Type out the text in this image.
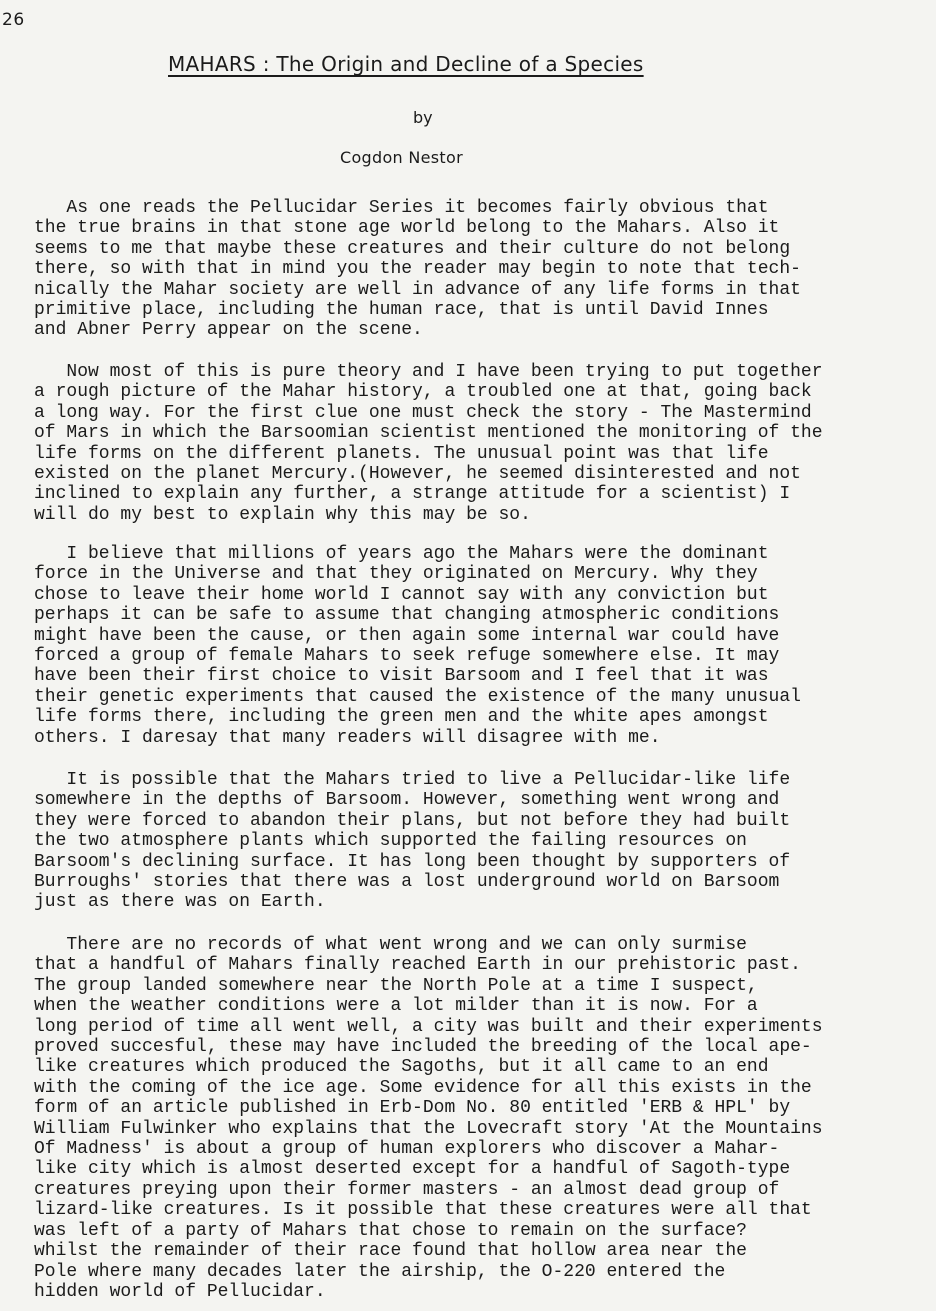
26
MAHARS : The Origin and Decline of a Species
by
Cogdon Nestor
As one reads the Pellucidar Series it becomes fairly obvious that
the true brains in that stone age world belong to the Mahars. Also it
seems to me that maybe these creatures and their culture do not belong
there, so with that in mind you the reader may begin to note that tech-
nically the Mahar society are well in advance of any life forms in that
primitive place, including the human race, that is until David Innes
and Abner Perry appear on the scene.
Now most of this is pure theory and I have been trying to put together
a rough picture of the Mahar history, a troubled one at that, going back
a long way. For the first clue one must check the story - The Mastermind
of Mars in which the Barsoomian scientist mentioned the monitoring of the
life forms on the different planets. The unusual point was that life
existed on the planet Mercury.(However, he seemed disinterested and not
inclined to explain any further, a strange attitude for a scientist) I
will do my best to explain why this may be so.
I believe that millions of years ago the Mahars were the dominant
force in the Universe and that they originated on Mercury. Why they
chose to leave their home world I cannot say with any conviction but
perhaps it can be safe to assume that changing atmospheric conditions
might have been the cause, or then again some internal war could have
forced a group of female Mahars to seek refuge somewhere else. It may
have been their first choice to visit Barsoom and I feel that it was
their genetic experiments that caused the existence of the many unusual
life forms there, including the green men and the white apes amongst
others. I daresay that many readers will disagree with me.
It is possible that the Mahars tried to live a Pellucidar-like life
somewhere in the depths of Barsoom. However, something went wrong and
they were forced to abandon their plans, but not before they had built
the two atmosphere plants which supported the failing resources on
Barsoom's declining surface. It has long been thought by supporters of
Burroughs' stories that there was a lost underground world on Barsoom
just as there was on Earth.
There are no records of what went wrong and we can only surmise
that a handful of Mahars finally reached Earth in our prehistoric past.
The group landed somewhere near the North Pole at a time I suspect,
when the weather conditions were a lot milder than it is now. For a
long period of time all went well, a city was built and their experiments
proved succesful, these may have included the breeding of the local ape-
like creatures which produced the Sagoths, but it all came to an end
with the coming of the ice age. Some evidence for all this exists in the
form of an article published in Erb-Dom No. 80 entitled 'ERB & HPL' by
William Fulwinker who explains that the Lovecraft story 'At the Mountains
Of Madness' is about a group of human explorers who discover a Mahar-
like city which is almost deserted except for a handful of Sagoth-type
creatures preying upon their former masters - an almost dead group of
lizard-like creatures. Is it possible that these creatures were all that
was left of a party of Mahars that chose to remain on the surface?
whilst the remainder of their race found that hollow area near the
Pole where many decades later the airship, the O-220 entered the
hidden world of Pellucidar.
